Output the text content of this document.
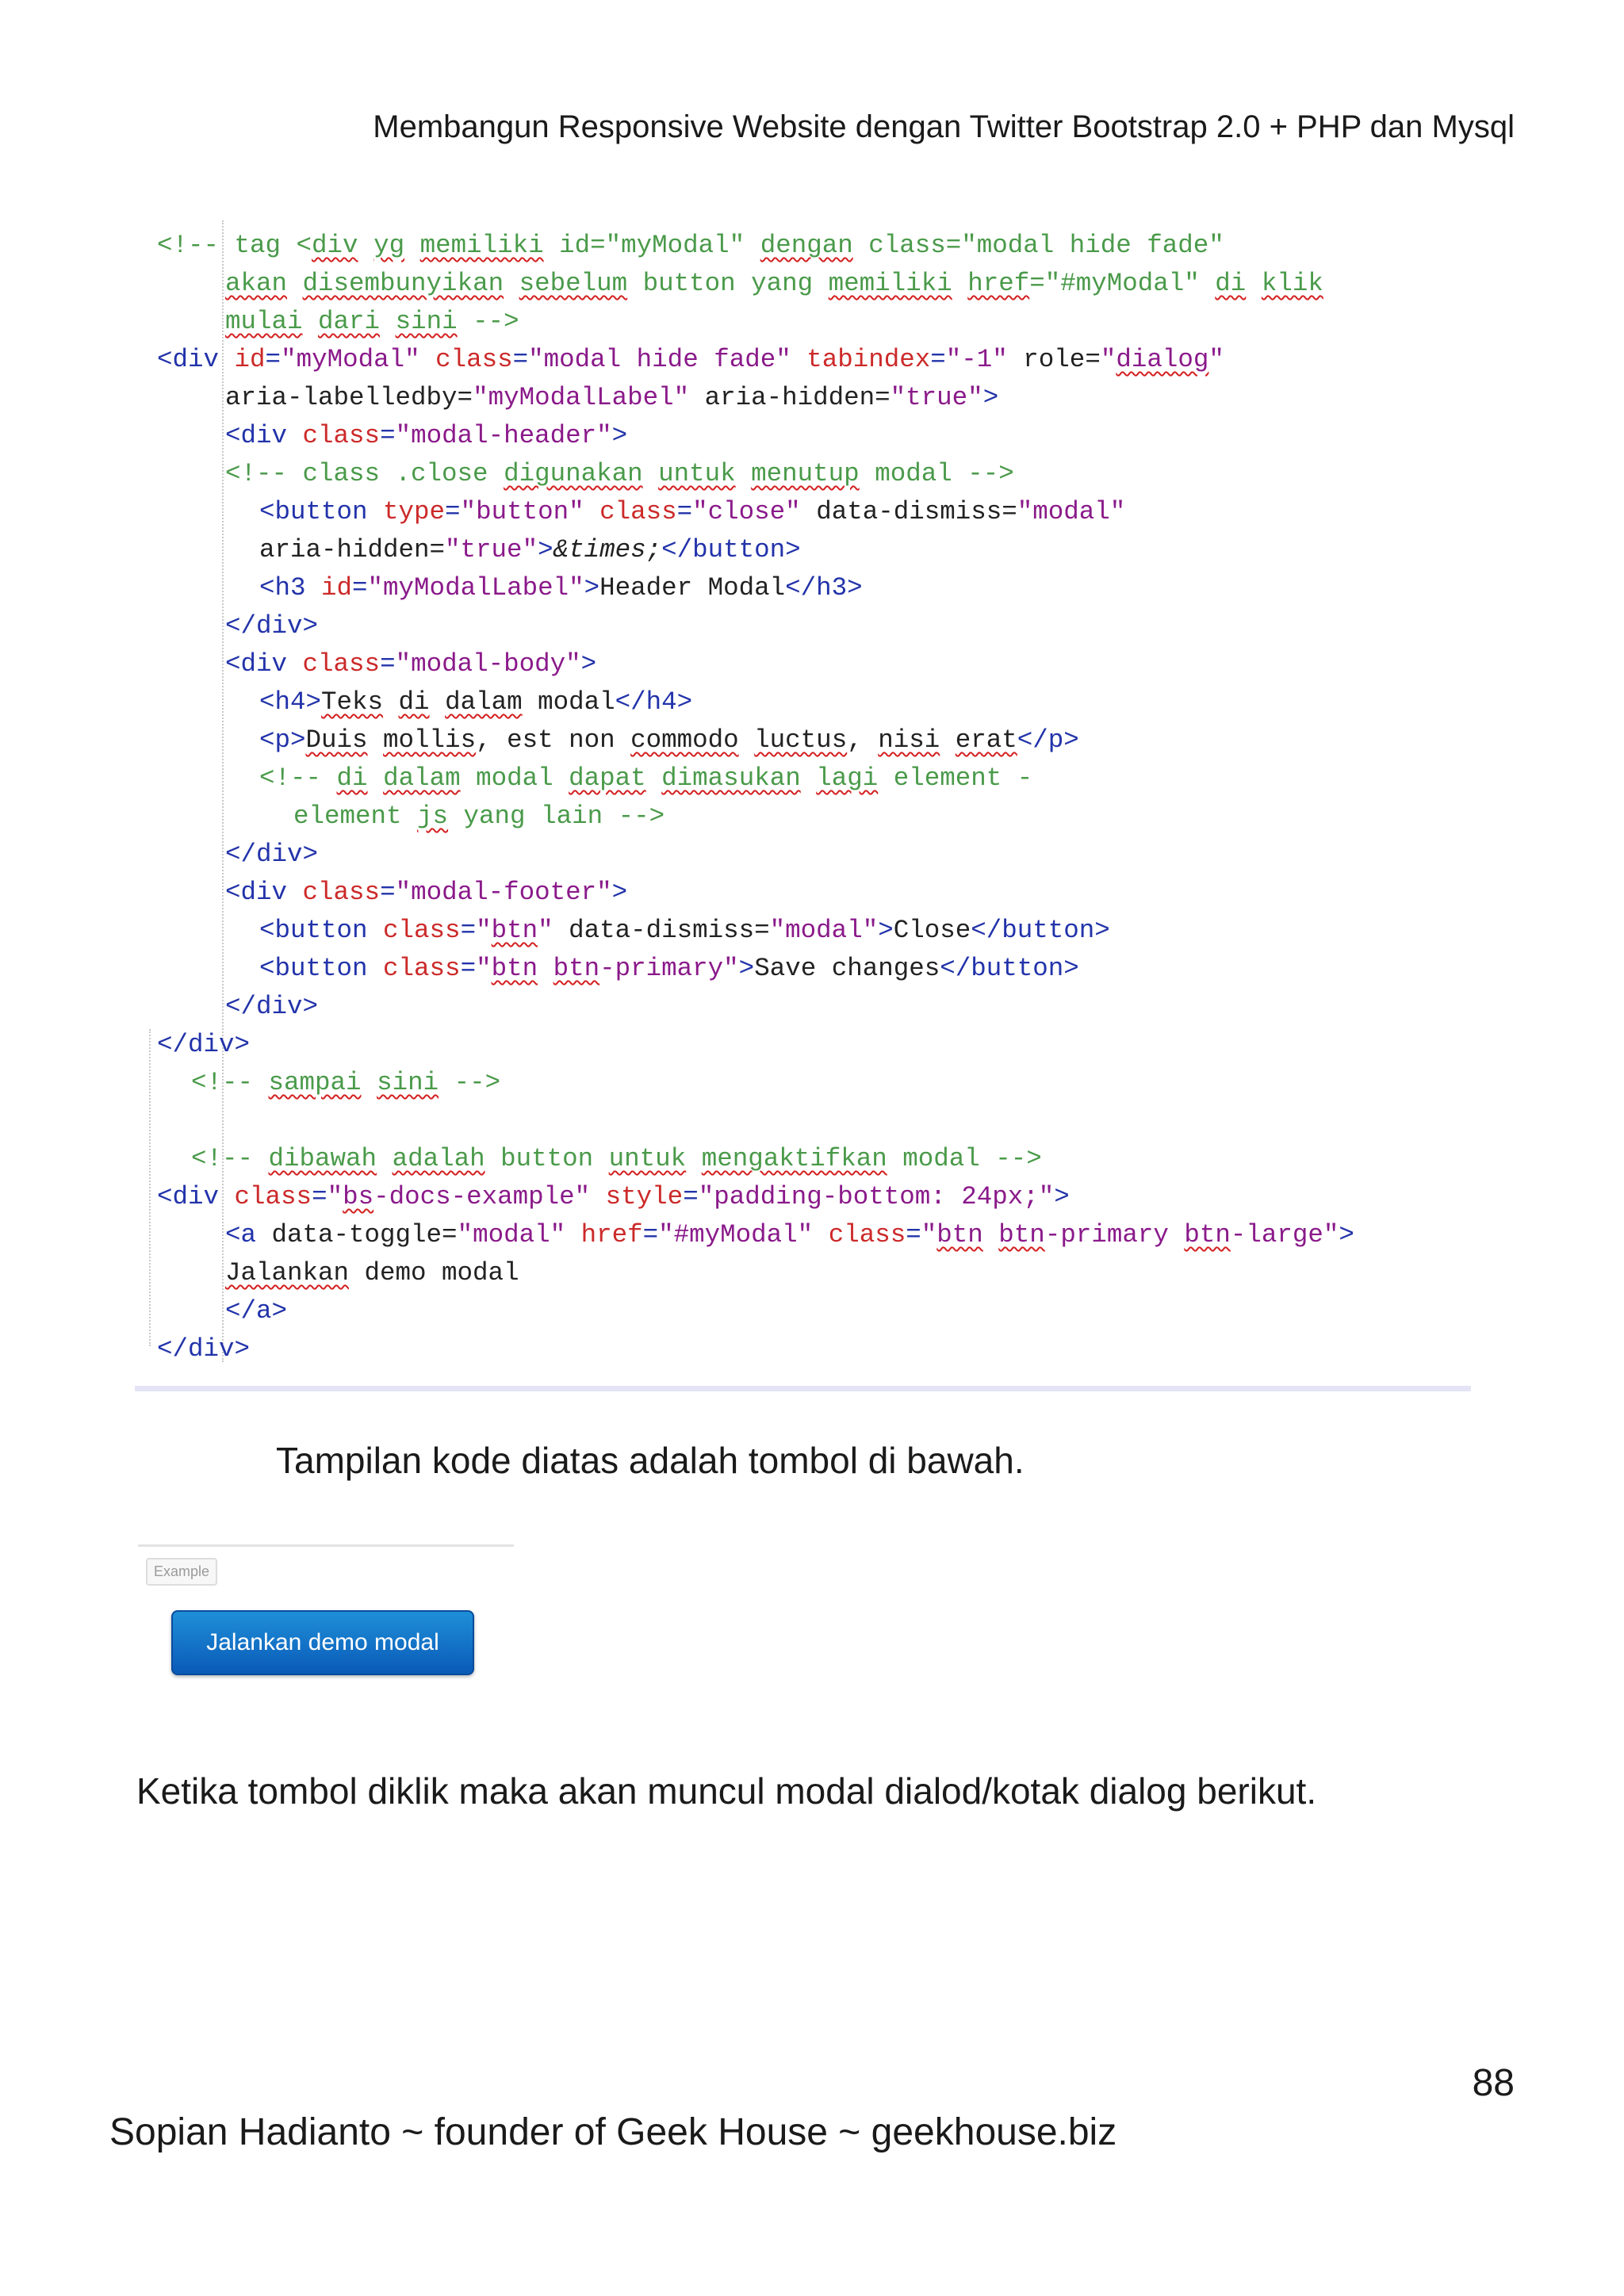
Membangun Responsive Website dengan Twitter Bootstrap 2.0 + PHP dan Mysql
<!-- tag <div yg memiliki id="myModal" dengan class="modal hide fade"
akan disembunyikan sebelum button yang memiliki href="#myModal" di klik
mulai dari sini -->
<div id="myModal" class="modal hide fade" tabindex="-1" role="dialog"
aria-labelledby="myModalLabel" aria-hidden="true">
<div class="modal-header">
<!-- class .close digunakan untuk menutup modal -->
<button type="button" class="close" data-dismiss="modal"
aria-hidden="true">&times;</button>
<h3 id="myModalLabel">Header Modal</h3>
</div>
<div class="modal-body">
<h4>Teks di dalam modal</h4>
<p>Duis mollis, est non commodo luctus, nisi erat</p>
<!-- di dalam modal dapat dimasukan lagi element -
element js yang lain -->
</div>
<div class="modal-footer">
<button class="btn" data-dismiss="modal">Close</button>
<button class="btn btn-primary">Save changes</button>
</div>
</div>
<!-- sampai sini -->
<!-- dibawah adalah button untuk mengaktifkan modal -->
<div class="bs-docs-example" style="padding-bottom: 24px;">
<a data-toggle="modal" href="#myModal" class="btn btn-primary btn-large">
Jalankan demo modal
</a>
</div>
Tampilan kode diatas adalah tombol di bawah.
Example
Jalankan demo modal
Ketika tombol diklik maka akan muncul modal dialod/kotak dialog berikut.
88
Sopian Hadianto ~ founder of Geek House ~ geekhouse.biz
